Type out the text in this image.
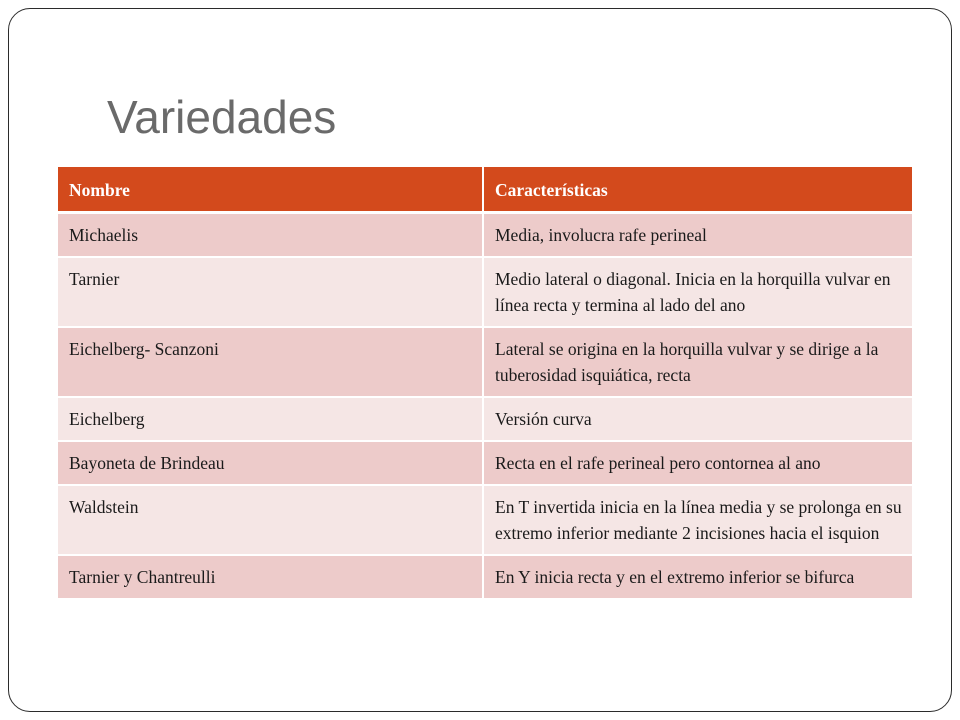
Variedades
Nombre	Características
Michaelis	Media, involucra rafe perineal
Tarnier	Medio lateral o diagonal. Inicia en la horquilla vulvar en línea recta y termina al lado del ano
Eichelberg- Scanzoni	Lateral se origina en la horquilla vulvar y se dirige a la tuberosidad isquiática, recta
Eichelberg	Versión curva
Bayoneta de Brindeau	Recta en el rafe perineal pero contornea al ano
Waldstein	En T invertida inicia en la línea media y se prolonga en su extremo inferior mediante 2 incisiones hacia el isquion
Tarnier y Chantreulli	En Y inicia recta y en el extremo inferior se bifurca
